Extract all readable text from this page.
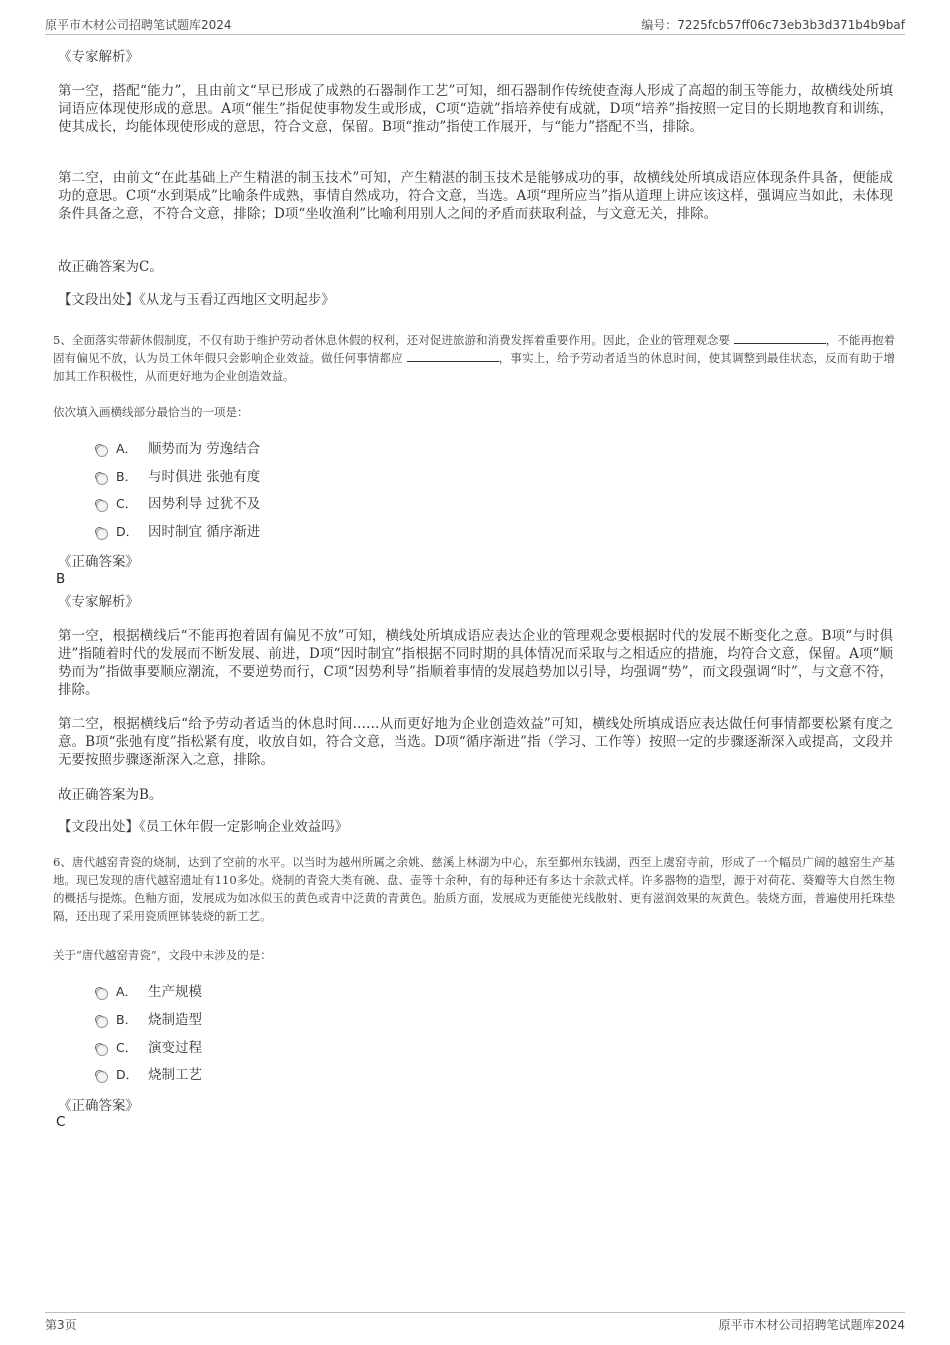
原平市木材公司招聘笔试题库2024	编号：7225fcb57ff06c73eb3b3d371b4b9baf
《专家解析》
第一空，搭配“能力”，且由前文“早已形成了成熟的石器制作工艺”可知，细石器制作传统使查海人形成了高超的制玉等能力，故横线处所填词语应体现使形成的意思。A项“催生”指促使事物发生或形成，C项“造就”指培养使有成就，D项“培养”指按照一定目的长期地教育和训练，使其成长，均能体现使形成的意思，符合文意，保留。B项“推动”指使工作展开，与“能力”搭配不当，排除。
第二空，由前文“在此基础上产生精湛的制玉技术”可知，产生精湛的制玉技术是能够成功的事，故横线处所填成语应体现条件具备，便能成功的意思。C项“水到渠成”比喻条件成熟，事情自然成功，符合文意，当选。A项“理所应当”指从道理上讲应该这样，强调应当如此，未体现条件具备之意，不符合文意，排除；D项“坐收渔利”比喻利用别人之间的矛盾而获取利益，与文意无关，排除。
故正确答案为C。
【文段出处】《从龙与玉看辽西地区文明起步》
5、全面落实带薪休假制度，不仅有助于维护劳动者休息休假的权利，还对促进旅游和消费发挥着重要作用。因此，企业的管理观念要	，不能再抱着固有偏见不放，认为员工休年假只会影响企业效益。做任何事情都应	，事实上，给予劳动者适当的休息时间，使其调整到最佳状态，反而有助于增加其工作积极性，从而更好地为企业创造效益。
依次填入画横线部分最恰当的一项是：
A． 顺势而为 劳逸结合
B． 与时俱进 张弛有度
C． 因势利导 过犹不及
D． 因时制宜 循序渐进
《正确答案》
B
《专家解析》
第一空，根据横线后“不能再抱着固有偏见不放”可知，横线处所填成语应表达企业的管理观念要根据时代的发展不断变化之意。B项“与时俱进”指随着时代的发展而不断发展、前进，D项“因时制宜”指根据不同时期的具体情况而采取与之相适应的措施，均符合文意，保留。A项“顺势而为”指做事要顺应潮流，不要逆势而行，C项“因势利导”指顺着事情的发展趋势加以引导，均强调“势”，而文段强调“时”，与文意不符，排除。
第二空，根据横线后“给予劳动者适当的休息时间……从而更好地为企业创造效益”可知，横线处所填成语应表达做任何事情都要松紧有度之意。B项“张弛有度”指松紧有度，收放自如，符合文意，当选。D项“循序渐进”指（学习、工作等）按照一定的步骤逐渐深入或提高，文段并无要按照步骤逐渐深入之意，排除。
故正确答案为B。
【文段出处】《员工休年假一定影响企业效益吗》
6、唐代越窑青瓷的烧制，达到了空前的水平。以当时为越州所属之余姚、慈溪上林湖为中心，东至鄞州东钱湖，西至上虞窑寺前，形成了一个幅员广阔的越窑生产基地。现已发现的唐代越窑遗址有110多处。烧制的青瓷大类有碗、盘、壶等十余种，有的每种还有多达十余款式样。许多器物的造型，源于对荷花、葵瓣等大自然生物的概括与提炼。色釉方面，发展成为如冰似玉的黄色或青中泛黄的青黄色。胎质方面，发展成为更能使光线散射、更有滋润效果的灰黄色。装烧方面，普遍使用托珠垫隔，还出现了采用瓷质匣钵装烧的新工艺。
关于“唐代越窑青瓷”，文段中未涉及的是：
A． 生产规模
B． 烧制造型
C． 演变过程
D． 烧制工艺
《正确答案》
C
第3页	原平市木材公司招聘笔试题库2024
